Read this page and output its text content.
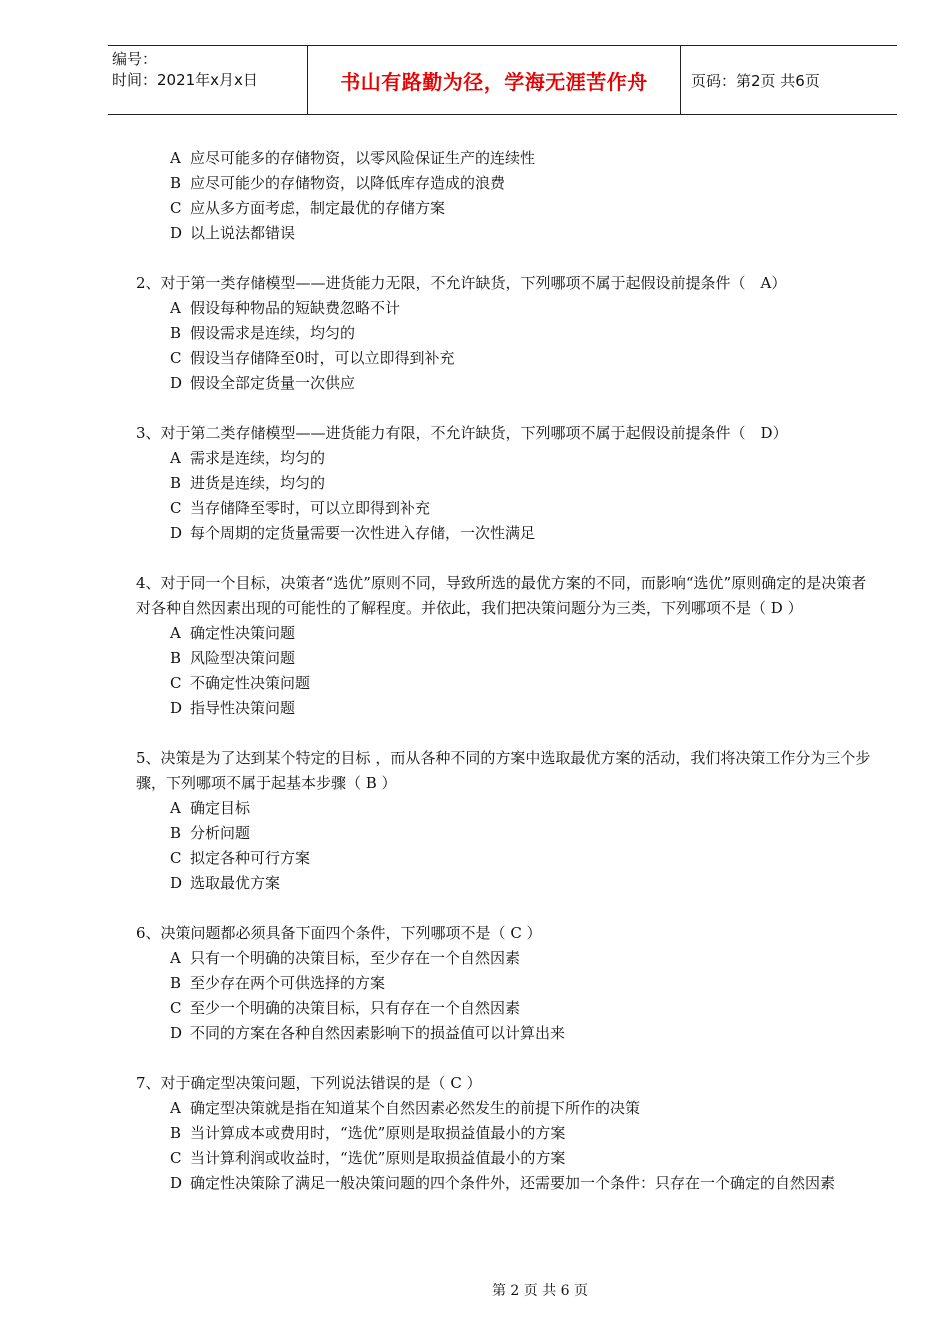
编号：
时间：2021年x月x日	书山有路勤为径，学海无涯苦作舟	页码：第2页 共6页
A 应尽可能多的存储物资，以零风险保证生产的连续性
B 应尽可能少的存储物资，以降低库存造成的浪费
C 应从多方面考虑，制定最优的存储方案
D 以上说法都错误
2、对于第一类存储模型——进货能力无限，不允许缺货，下列哪项不属于起假设前提条件（　A）
A 假设每种物品的短缺费忽略不计
B 假设需求是连续，均匀的
C 假设当存储降至0时，可以立即得到补充
D 假设全部定货量一次供应
3、对于第二类存储模型——进货能力有限，不允许缺货，下列哪项不属于起假设前提条件（　D）
A 需求是连续，均匀的
B 进货是连续，均匀的
C 当存储降至零时，可以立即得到补充
D 每个周期的定货量需要一次性进入存储，一次性满足
4、对于同一个目标，决策者“选优”原则不同，导致所选的最优方案的不同，而影响“选优”原则确定的是决策者对各种自然因素出现的可能性的了解程度。并依此，我们把决策问题分为三类，下列哪项不是（ D ）
A 确定性决策问题
B 风险型决策问题
C 不确定性决策问题
D 指导性决策问题
5、决策是为了达到某个特定的目标 ，而从各种不同的方案中选取最优方案的活动，我们将决策工作分为三个步骤，下列哪项不属于起基本步骤（ B ）
A 确定目标
B 分析问题
C 拟定各种可行方案
D 选取最优方案
6、决策问题都必须具备下面四个条件，下列哪项不是（ C ）
A 只有一个明确的决策目标，至少存在一个自然因素
B 至少存在两个可供选择的方案
C 至少一个明确的决策目标，只有存在一个自然因素
D 不同的方案在各种自然因素影响下的损益值可以计算出来
7、对于确定型决策问题，下列说法错误的是（ C ）
A 确定型决策就是指在知道某个自然因素必然发生的前提下所作的决策
B 当计算成本或费用时，“选优”原则是取损益值最小的方案
C 当计算利润或收益时，“选优”原则是取损益值最小的方案
D 确定性决策除了满足一般决策问题的四个条件外，还需要加一个条件：只存在一个确定的自然因素
第 2 页 共 6 页
